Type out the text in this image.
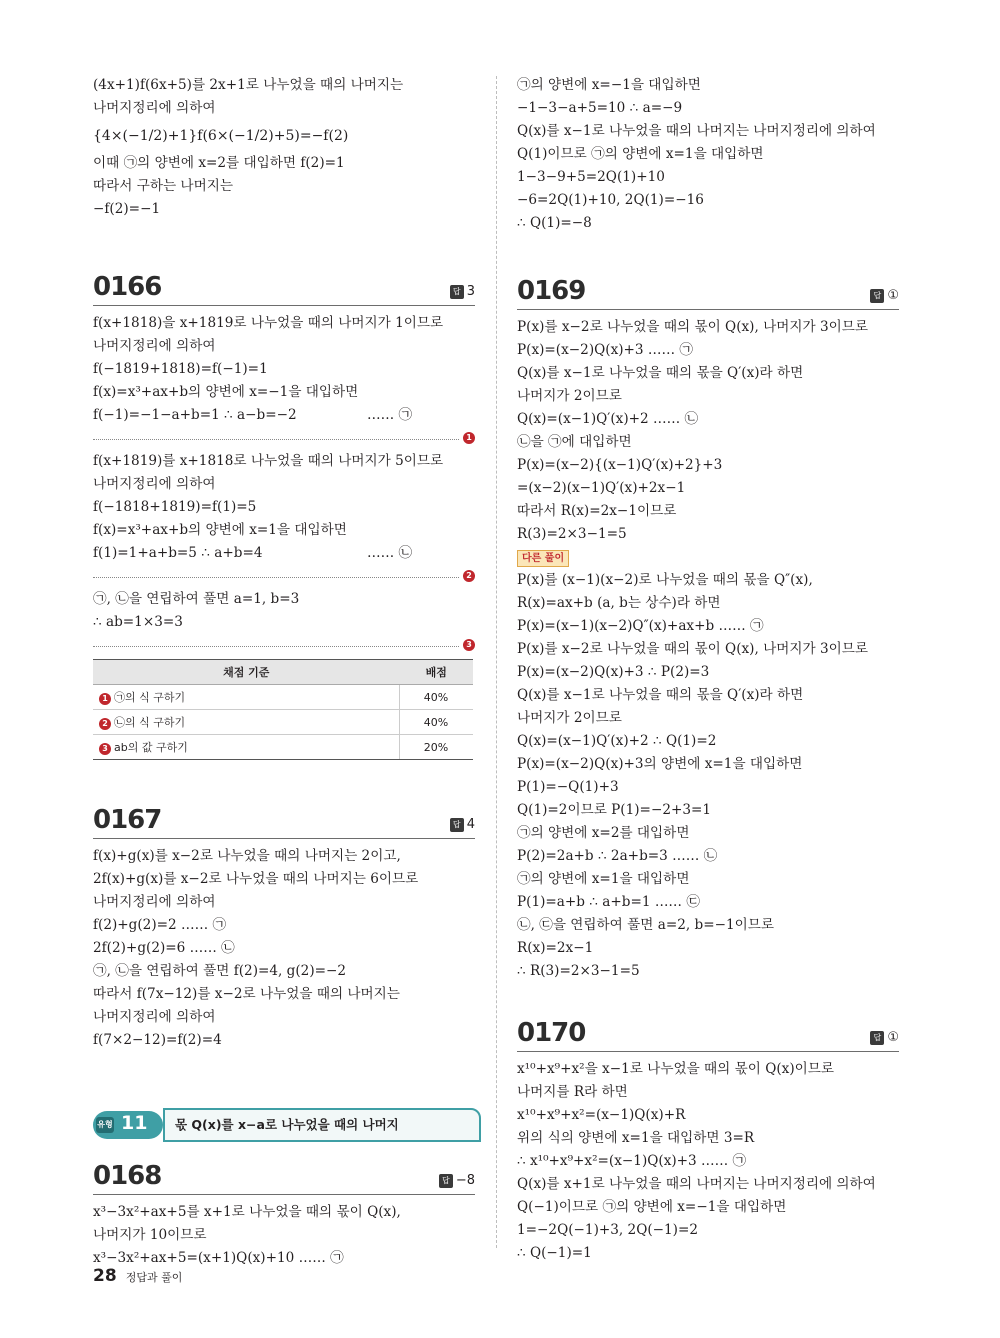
(4x+1)f(6x+5)를 2x+1로 나누었을 때의 나머지는
나머지정리에 의하여
{4×(−1/2)+1}f(6×(−1/2)+5)=−f(2)
이때 ㉠의 양변에 x=2를 대입하면 f(2)=1
따라서 구하는 나머지는
−f(2)=−1
0166	답 3
f(x+1818)을 x+1819로 나누었을 때의 나머지가 1이므로
나머지정리에 의하여
f(−1819+1818)=f(−1)=1
f(x)=x³+ax+b의 양변에 x=−1을 대입하면
f(−1)=−1−a+b=1 ∴ a−b=−2	…… ㉠
1
f(x+1819)를 x+1818로 나누었을 때의 나머지가 5이므로
나머지정리에 의하여
f(−1818+1819)=f(1)=5
f(x)=x³+ax+b의 양변에 x=1을 대입하면
f(1)=1+a+b=5 ∴ a+b=4	…… ㉡
2
㉠, ㉡을 연립하여 풀면 a=1, b=3
∴ ab=1×3=3
3
채점 기준	배점
1 ㉠의 식 구하기	40%
2 ㉡의 식 구하기	40%
3 ab의 값 구하기	20%
0167	답 4
f(x)+g(x)를 x−2로 나누었을 때의 나머지는 2이고,
2f(x)+g(x)를 x−2로 나누었을 때의 나머지는 6이므로
나머지정리에 의하여
f(2)+g(2)=2 …… ㉠
2f(2)+g(2)=6 …… ㉡
㉠, ㉡을 연립하여 풀면 f(2)=4, g(2)=−2
따라서 f(7x−12)를 x−2로 나누었을 때의 나머지는
나머지정리에 의하여
f(7×2−12)=f(2)=4
유형 11	몫 Q(x)를 x−a로 나누었을 때의 나머지
0168	답 −8
x³−3x²+ax+5를 x+1로 나누었을 때의 몫이 Q(x),
나머지가 10이므로
x³−3x²+ax+5=(x+1)Q(x)+10 …… ㉠
㉠의 양변에 x=−1을 대입하면
−1−3−a+5=10 ∴ a=−9
Q(x)를 x−1로 나누었을 때의 나머지는 나머지정리에 의하여
Q(1)이므로 ㉠의 양변에 x=1을 대입하면
1−3−9+5=2Q(1)+10
−6=2Q(1)+10, 2Q(1)=−16
∴ Q(1)=−8
0169	답 ①
P(x)를 x−2로 나누었을 때의 몫이 Q(x), 나머지가 3이므로
P(x)=(x−2)Q(x)+3 …… ㉠
Q(x)를 x−1로 나누었을 때의 몫을 Q′(x)라 하면
나머지가 2이므로
Q(x)=(x−1)Q′(x)+2 …… ㉡
㉡을 ㉠에 대입하면
P(x)=(x−2){(x−1)Q′(x)+2}+3
=(x−2)(x−1)Q′(x)+2x−1
따라서 R(x)=2x−1이므로
R(3)=2×3−1=5
다른 풀이
P(x)를 (x−1)(x−2)로 나누었을 때의 몫을 Q″(x),
R(x)=ax+b (a, b는 상수)라 하면
P(x)=(x−1)(x−2)Q″(x)+ax+b …… ㉠
P(x)를 x−2로 나누었을 때의 몫이 Q(x), 나머지가 3이므로
P(x)=(x−2)Q(x)+3 ∴ P(2)=3
Q(x)를 x−1로 나누었을 때의 몫을 Q′(x)라 하면
나머지가 2이므로
Q(x)=(x−1)Q′(x)+2 ∴ Q(1)=2
P(x)=(x−2)Q(x)+3의 양변에 x=1을 대입하면
P(1)=−Q(1)+3
Q(1)=2이므로 P(1)=−2+3=1
㉠의 양변에 x=2를 대입하면
P(2)=2a+b ∴ 2a+b=3 …… ㉡
㉠의 양변에 x=1을 대입하면
P(1)=a+b ∴ a+b=1 …… ㉢
㉡, ㉢을 연립하여 풀면 a=2, b=−1이므로
R(x)=2x−1
∴ R(3)=2×3−1=5
0170	답 ①
x¹⁰+x⁹+x²을 x−1로 나누었을 때의 몫이 Q(x)이므로
나머지를 R라 하면
x¹⁰+x⁹+x²=(x−1)Q(x)+R
위의 식의 양변에 x=1을 대입하면 3=R
∴ x¹⁰+x⁹+x²=(x−1)Q(x)+3 …… ㉠
Q(x)를 x+1로 나누었을 때의 나머지는 나머지정리에 의하여
Q(−1)이므로 ㉠의 양변에 x=−1을 대입하면
1=−2Q(−1)+3, 2Q(−1)=2
∴ Q(−1)=1
28 정답과 풀이
